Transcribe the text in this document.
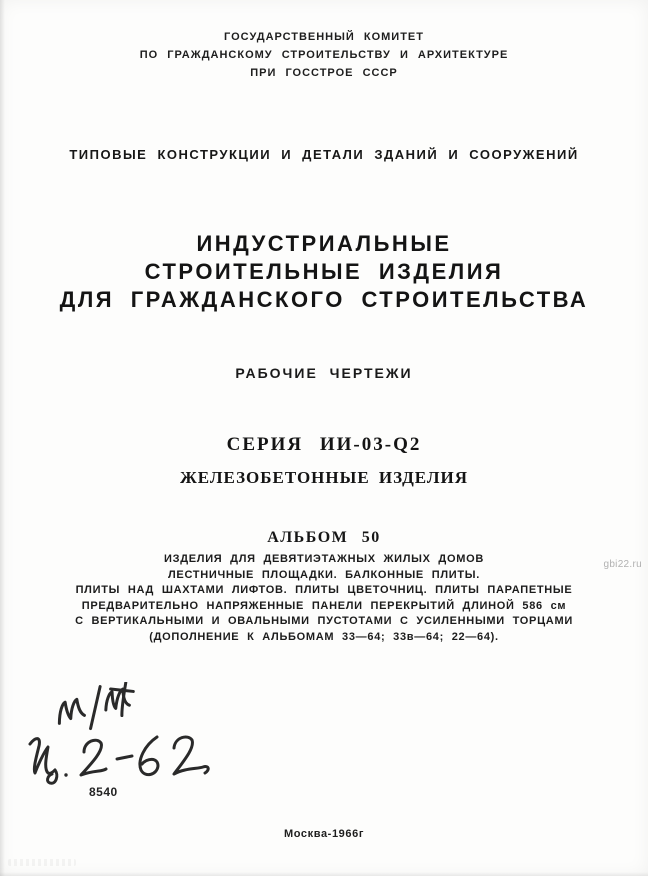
ГОСУДАРСТВЕННЫЙ КОМИТЕТ
ПО ГРАЖДАНСКОМУ СТРОИТЕЛЬСТВУ И АРХИТЕКТУРЕ
ПРИ ГОССТРОЕ СССР
ТИПОВЫЕ КОНСТРУКЦИИ И ДЕТАЛИ ЗДАНИЙ И СООРУЖЕНИЙ
ИНДУСТРИАЛЬНЫЕ
СТРОИТЕЛЬНЫЕ ИЗДЕЛИЯ
ДЛЯ ГРАЖДАНСКОГО СТРОИТЕЛЬСТВА
РАБОЧИЕ ЧЕРТЕЖИ
СЕРИЯ ИИ-03-Q2
ЖЕЛЕЗОБЕТОННЫЕ ИЗДЕЛИЯ
АЛЬБОМ 50
ИЗДЕЛИЯ ДЛЯ ДЕВЯТИЭТАЖНЫХ ЖИЛЫХ ДОМОВ
ЛЕСТНИЧНЫЕ ПЛОЩАДКИ. БАЛКОННЫЕ ПЛИТЫ.
ПЛИТЫ НАД ШАХТАМИ ЛИФТОВ. ПЛИТЫ ЦВЕТОЧНИЦ. ПЛИТЫ ПАРАПЕТНЫЕ
ПРЕДВАРИТЕЛЬНО НАПРЯЖЕННЫЕ ПАНЕЛИ ПЕРЕКРЫТИЙ ДЛИНОЙ 586 см
С ВЕРТИКАЛЬНЫМИ И ОВАЛЬНЫМИ ПУСТОТАМИ С УСИЛЕННЫМИ ТОРЦАМИ
(ДОПОЛНЕНИЕ К АЛЬБОМАМ 33—64; 33в—64; 22—64).
gbi22.ru
8540
Москва-1966г
